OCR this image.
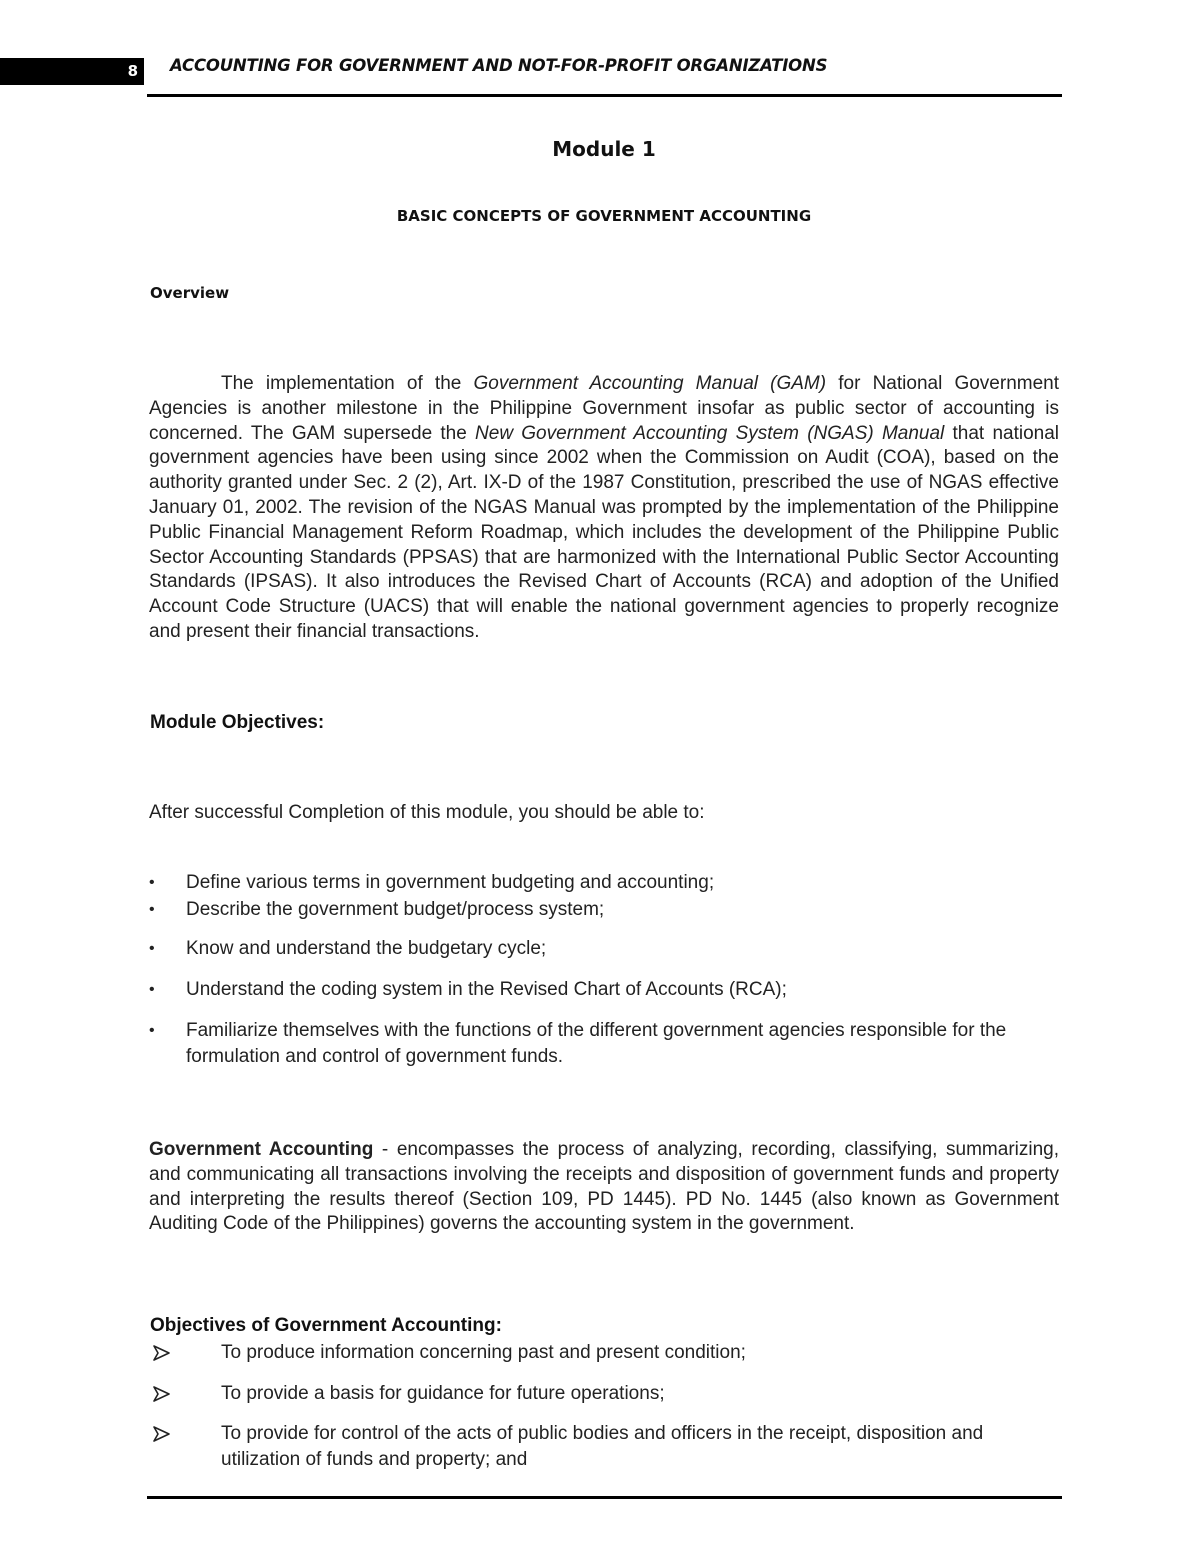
8 ACCOUNTING FOR GOVERNMENT AND NOT-FOR-PROFIT ORGANIZATIONS
Module 1
BASIC CONCEPTS OF GOVERNMENT ACCOUNTING
Overview
The implementation of the Government Accounting Manual (GAM) for National Government Agencies is another milestone in the Philippine Government insofar as public sector of accounting is concerned. The GAM supersede the New Government Accounting System (NGAS) Manual that national government agencies have been using since 2002 when the Commission on Audit (COA), based on the authority granted under Sec. 2 (2), Art. IX-D of the 1987 Constitution, prescribed the use of NGAS effective January 01, 2002. The revision of the NGAS Manual was prompted by the implementation of the Philippine Public Financial Management Reform Roadmap, which includes the development of the Philippine Public Sector Accounting Standards (PPSAS) that are harmonized with the International Public Sector Accounting Standards (IPSAS). It also introduces the Revised Chart of Accounts (RCA) and adoption of the Unified Account Code Structure (UACS) that will enable the national government agencies to properly recognize and present their financial transactions.
Module Objectives:
After successful Completion of this module, you should be able to:
•	Define various terms in government budgeting and accounting;
•	Describe the government budget/process system;
•	Know and understand the budgetary cycle;
•	Understand the coding system in the Revised Chart of Accounts (RCA);
•	Familiarize themselves with the functions of the different government agencies responsible for the formulation and control of government funds.
Government Accounting - encompasses the process of analyzing, recording, classifying, summarizing, and communicating all transactions involving the receipts and disposition of government funds and property and interpreting the results thereof (Section 109, PD 1445). PD No. 1445 (also known as Government Auditing Code of the Philippines) governs the accounting system in the government.
Objectives of Government Accounting:
To produce information concerning past and present condition;
To provide a basis for guidance for future operations;
To provide for control of the acts of public bodies and officers in the receipt, disposition and utilization of funds and property; and
